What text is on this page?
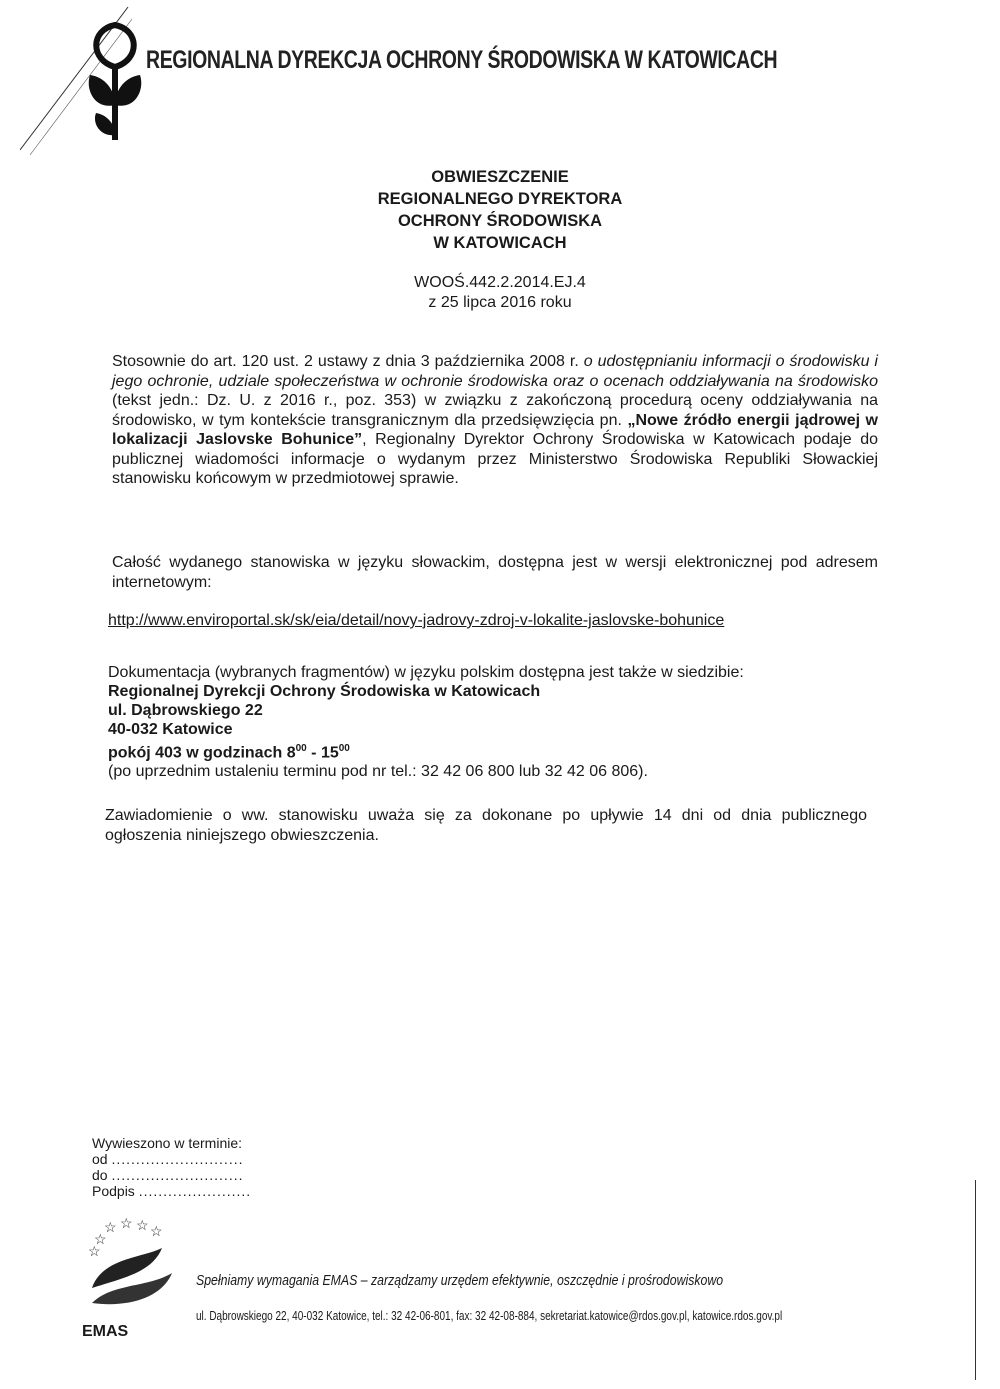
REGIONALNA DYREKCJA OCHRONY ŚRODOWISKA W KATOWICACH
OBWIESZCZENIE
REGIONALNEGO DYREKTORA
OCHRONY ŚRODOWISKA
W KATOWICACH
WOOŚ.442.2.2014.EJ.4
z 25 lipca 2016 roku
Stosownie do art. 120 ust. 2 ustawy z dnia 3 października 2008 r. o udostępnianiu informacji o środowisku i jego ochronie, udziale społeczeństwa w ochronie środowiska oraz o ocenach oddziaływania na środowisko (tekst jedn.: Dz. U. z 2016 r., poz. 353) w związku z zakończoną procedurą oceny oddziaływania na środowisko, w tym kontekście transgranicznym dla przedsięwzięcia pn. „Nowe źródło energii jądrowej w lokalizacji Jaslovske Bohunice”, Regionalny Dyrektor Ochrony Środowiska w Katowicach podaje do publicznej wiadomości informacje o wydanym przez Ministerstwo Środowiska Republiki Słowackiej stanowisku końcowym w przedmiotowej sprawie.
Całość wydanego stanowiska w języku słowackim, dostępna jest w wersji elektronicznej pod adresem internetowym:
http://www.enviroportal.sk/sk/eia/detail/novy-jadrovy-zdroj-v-lokalite-jaslovske-bohunice
Dokumentacja (wybranych fragmentów) w języku polskim dostępna jest także w siedzibie:
Regionalnej Dyrekcji Ochrony Środowiska w Katowicach
ul. Dąbrowskiego 22
40-032 Katowice
pokój 403 w godzinach $8^{00} - 15^{00}$
(po uprzednim ustaleniu terminu pod nr tel.: 32 42 06 800 lub 32 42 06 806).
Zawiadomienie o ww. stanowisku uważa się za dokonane po upływie 14 dni od dnia publicznego ogłoszenia niniejszego obwieszczenia.
Wywieszono w terminie:
od ...........................
do ...........................
Podpis .......................
☆ ☆ ☆ ☆
☆
☆
EMAS
Spełniamy wymagania EMAS – zarządzamy urzędem efektywnie, oszczędnie i prośrodowiskowo
ul. Dąbrowskiego 22, 40-032 Katowice, tel.: 32 42-06-801, fax: 32 42-08-884, sekretariat.katowice@rdos.gov.pl, katowice.rdos.gov.pl
